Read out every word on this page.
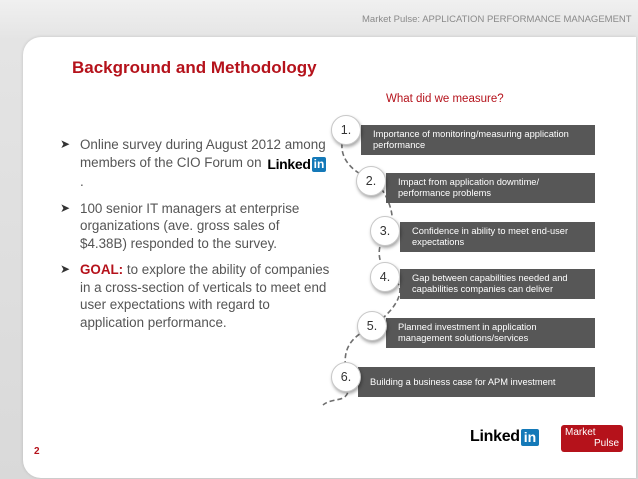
Market Pulse: APPLICATION PERFORMANCE MANAGEMENT
Background and Methodology
➤ Online survey during August 2012 among members of the CIO Forum on Linked in
.
➤ 100 senior IT managers at enterprise organizations (ave. gross sales of $4.38B) responded to the survey.
➤ GOAL: to explore the ability of companies in a cross-section of verticals to meet end user expectations with regard to application performance.
What did we measure?
Importance of monitoring/measuring application performance
Impact from application downtime/ performance problems
Confidence in ability to meet end-user expectations
Gap between capabilities needed and capabilities companies can deliver
Planned investment in application management solutions/services
Building a business case for APM investment
1.
2.
3.
4.
5.
6.
2
Linked in	Market
Pulse
